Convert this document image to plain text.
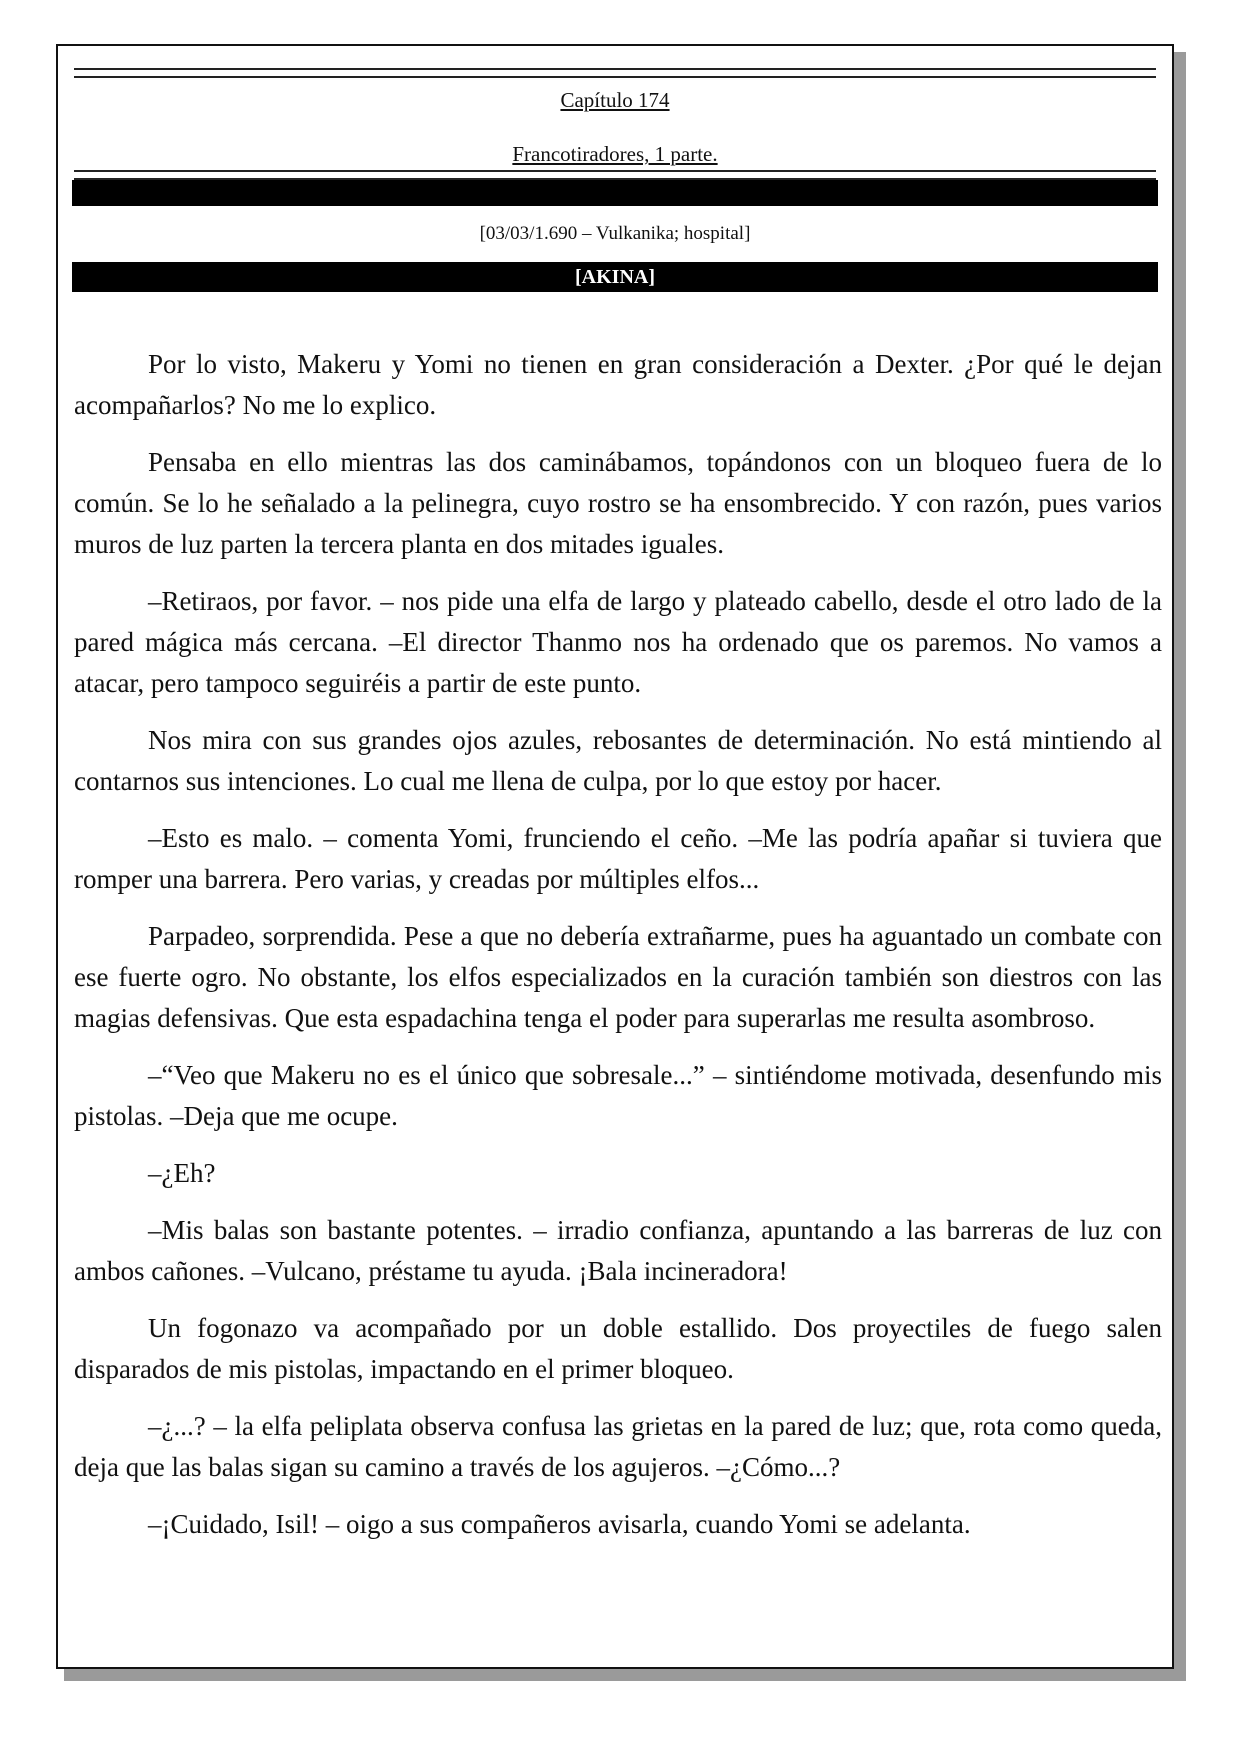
Capítulo 174
Francotiradores, 1 parte.
[03/03/1.690 – Vulkanika; hospital]
[AKINA]

Por lo visto, Makeru y Yomi no tienen en gran consideración a Dexter. ¿Por qué le dejan acompañarlos? No me lo explico.

Pensaba en ello mientras las dos caminábamos, topándonos con un bloqueo fuera de lo común. Se lo he señalado a la pelinegra, cuyo rostro se ha ensombrecido. Y con razón, pues varios muros de luz parten la tercera planta en dos mitades iguales.

–Retiraos, por favor. – nos pide una elfa de largo y plateado cabello, desde el otro lado de la pared mágica más cercana. –El director Thanmo nos ha ordenado que os paremos. No vamos a atacar, pero tampoco seguiréis a partir de este punto.

Nos mira con sus grandes ojos azules, rebosantes de determinación. No está mintiendo al contarnos sus intenciones. Lo cual me llena de culpa, por lo que estoy por hacer.

–Esto es malo. – comenta Yomi, frunciendo el ceño. –Me las podría apañar si tuviera que romper una barrera. Pero varias, y creadas por múltiples elfos...

Parpadeo, sorprendida. Pese a que no debería extrañarme, pues ha aguantado un combate con ese fuerte ogro. No obstante, los elfos especializados en la curación también son diestros con las magias defensivas. Que esta espadachina tenga el poder para superarlas me resulta asombroso.

–“Veo que Makeru no es el único que sobresale...” – sintiéndome motivada, desenfundo mis pistolas. –Deja que me ocupe.

–¿Eh?

–Mis balas son bastante potentes. – irradio confianza, apuntando a las barreras de luz con ambos cañones. –Vulcano, préstame tu ayuda. ¡Bala incineradora!

Un fogonazo va acompañado por un doble estallido. Dos proyectiles de fuego salen disparados de mis pistolas, impactando en el primer bloqueo.

–¿...? – la elfa peliplata observa confusa las grietas en la pared de luz; que, rota como queda, deja que las balas sigan su camino a través de los agujeros. –¿Cómo...?

–¡Cuidado, Isil! – oigo a sus compañeros avisarla, cuando Yomi se adelanta.
